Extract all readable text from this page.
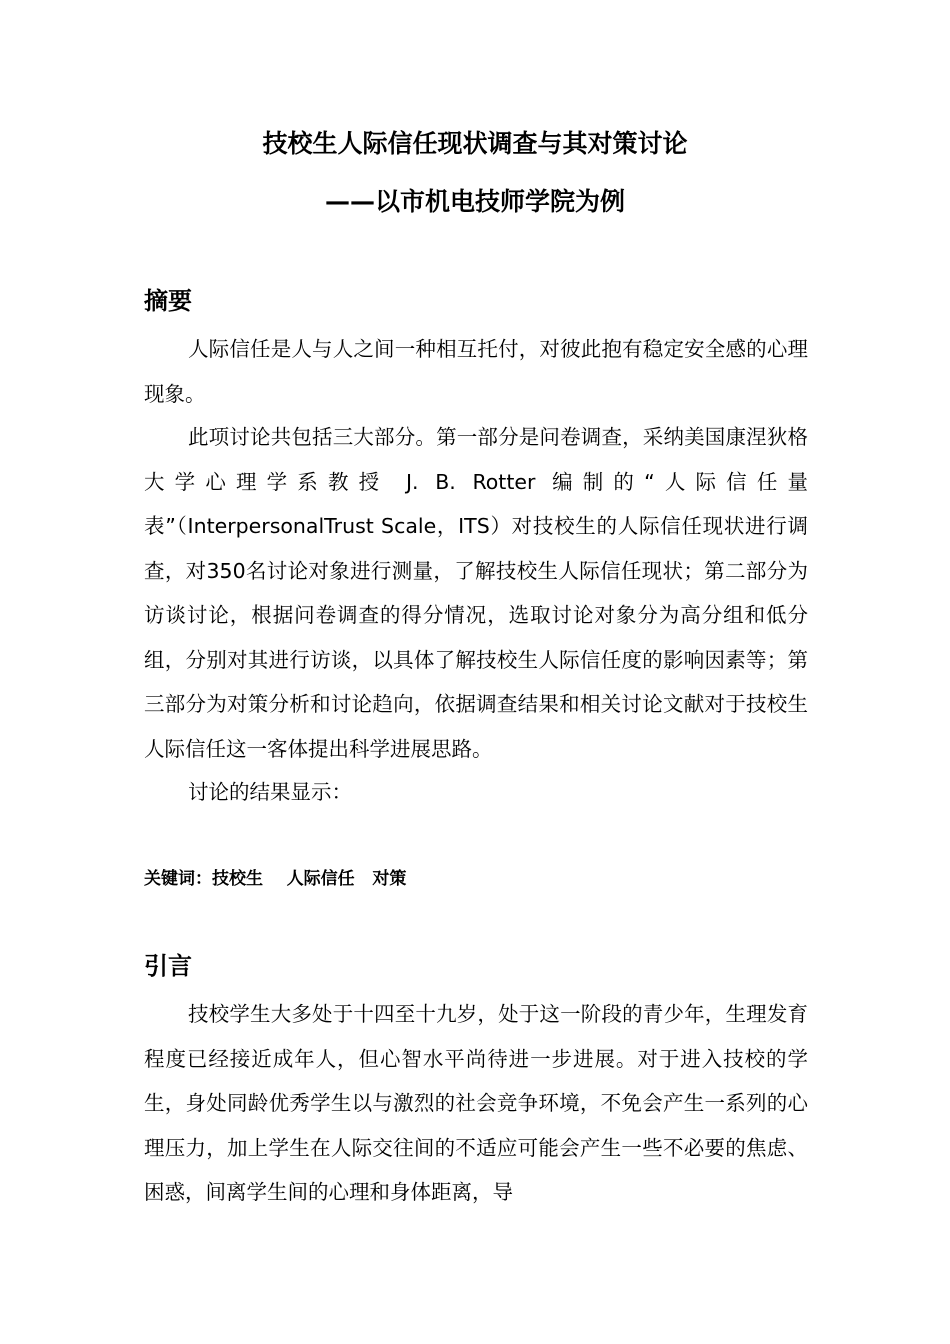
技校生人际信任现状调查与其对策讨论
——以市机电技师学院为例
摘要

人际信任是人与人之间一种相互托付，对彼此抱有稳定安全感的心理现象。

此项讨论共包括三大部分。第一部分是问卷调查，采纳美国康涅狄格大学心理学系教授 J. B. Rotter 编制的“人际信任量表”（InterpersonalTrust Scale，ITS）对技校生的人际信任现状进行调查，对350名讨论对象进行测量，了解技校生人际信任现状；第二部分为访谈讨论，根据问卷调查的得分情况，选取讨论对象分为高分组和低分组，分别对其进行访谈，以具体了解技校生人际信任度的影响因素等；第三部分为对策分析和讨论趋向，依据调查结果和相关讨论文献对于技校生人际信任这一客体提出科学进展思路。

讨论的结果显示：

关键词：技校生    人际信任   对策

引言

技校学生大多处于十四至十九岁，处于这一阶段的青少年，生理发育程度已经接近成年人，但心智水平尚待进一步进展。对于进入技校的学生，身处同龄优秀学生以与激烈的社会竞争环境，不免会产生一系列的心理压力，加上学生在人际交往间的不适应可能会产生一些不必要的焦虑、困惑，间离学生间的心理和身体距离，导
